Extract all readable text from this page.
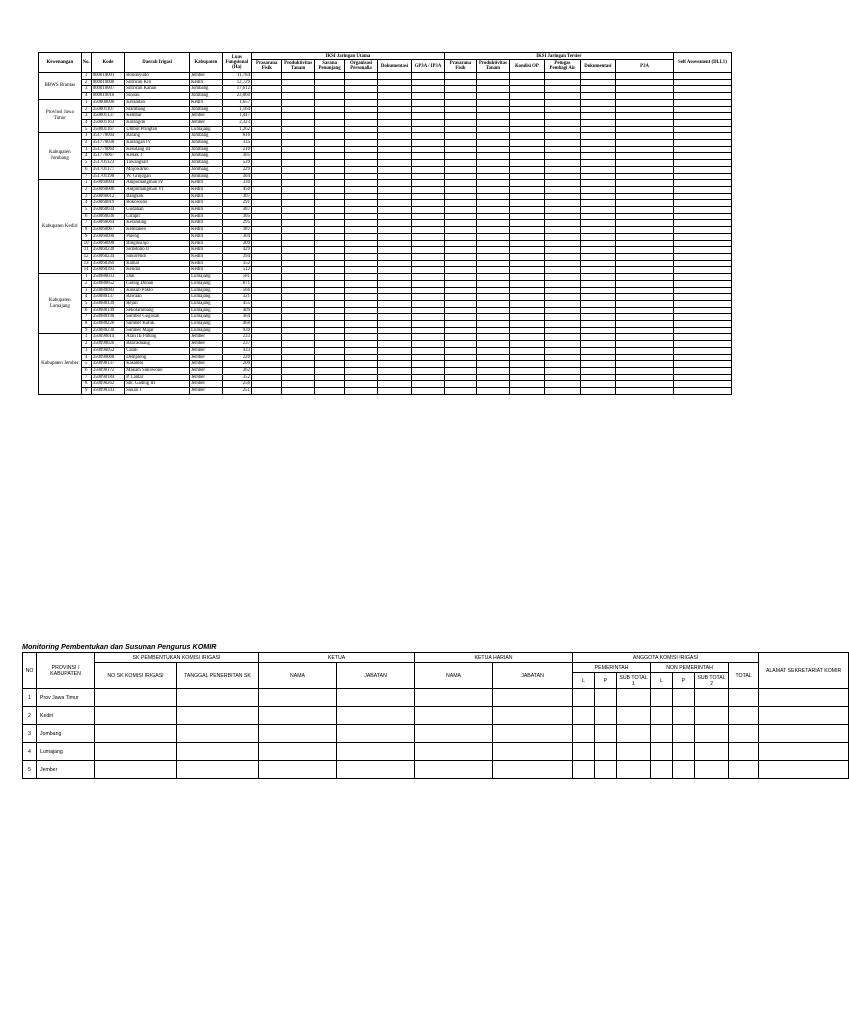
Kewenangan	No.	Kode	Daerah Irigasi	Kabupaten	Luas Fungsional (Ha)	IKSI Jaringan Utama						IKSI Jaringan Tersier						Self Assessment (DI.L1)
						Prasarana Fisik	Produktivitas Tanam	Sarana Penunjang	Organisasi Personalia	Dokumentasi	GP3A / IP3A	Prasarana Fisik	Produktivitas Tanam	Kondisi OP	Petugas Pembagi Air	Dokumentasi	P3A	
BBWS Brantas	1	000010001	Bondoyudo	Jember	11,784													
	2	000010006	Siltrican Kiri	Kediri	12,729													
	3	000010007	Siltrican Kanan	Jombang	17,612													
	4	000010010	Sinoau	Jombang	23,060													
Provinsi Jawa Timur	1	350000096	Kerandan	Kediri	1,657													
	2	350001107	Slambang	Jombang	1,164													
	3	350001137	Kembar	Jember	1,447													
	4	350001163	Karangdo	Jember	2,323													
	5	350001167	Umbul Pringtali	Lumajang	1,262													
Kabupaten Jombang	1	351770004	Barang	Jombang	816													
	2	351770038	Karangan IV	Jombang	335													
	3	351770064	Kesotang III	Jombang	210													
	4	351770067	Kedak 1	Jombang	305													
	5	351701123	Tawangsari	Jombang	520													
	6	351701177	Mojowarno	Jombang	229													
	7	351701198	W. Grojogan	Jombang	304													
Kabupaten Kediri	1	350060004	Ampomangman IV	Kediri	330													
	2	350060006	Ampomangman VI	Kediri	450													
	3	350060012	Bangkok	Kediri	307													
	4	350060019	Bokowono	Kediri	291													
	5	350060034	Gudahan	Kediri	387													
	6	350060036	Girapit	Kediri	305													
	7	350060064	Keranding	Kediri	295													
	8	350060067	Kemtanen	Kediri	387													
	9	350060090	Paleng	Kediri	304													
	10	350060098	Ringinsinjo	Kediri	309													
	11	350060230	Sidodono II	Kediri	429													
	12	350060234	Sukorendi	Kediri	394													
	13	350060369	Kamat	Kediri	352													
	14	350060393	Kendal	Kediri	512													
Kabupaten Lumajang	1	350080033	Duk	Lumajang	581													
	2	350080052	Gubug Donan	Lumajang	871													
	3	350080083	Kinkub Paklo	Lumajang	566													
	4	350080137	Rawaan	Lumajang	321													
	5	350080139	Rejali	Lumajang	455													
	6	350080149	Sekolamibang	Lumajang	409													
	7	350080198	Sumber Gogosan	Lumajang	364													
	8	350080226	Sumber Kutuk	Lumajang	468													
	9	350080230	Sumber Majar	Lumajang	930													
Kabupaten Jember	1	350090014	Arah III Patung	Jember	233													
	2	350090026	Bancaduang	Jember	237													
	3	350090052	Candi	Jember	433													
	4	350090068	Dempleng	Jember	220													
	5	350090137	Kasambi	Jember	200													
	6	350090172	Makam Sukowono	Jember	362													
	7	350090184	P. Lantar	Jember	352													
	8	350090262	Sbr. Gading III	Jember	256													
	9	350090343	Sukan I	Jember	251													
Monitoring Pembentukan dan Susunan Pengurus KOMIR
NO	PROVINSI / KABUPATEN	SK PEMBENTUKAN KOMISI IRIGASI		KETUA		KETUA HARIAN		ANGGOTA KOMISI IRIGASI							ALAMAT SEKRETARIAT KOMIR
		NO SK KOMISI IRIGASI	TANGGAL PENERBITAN SK	NAMA	JABATAN	NAMA	JABATAN	PEMERINTAH			NON PEMERINTAH			TOTAL	
								L	P	SUB TOTAL 1	L	P	SUB TOTAL 2		
1	Prov Jawa Timur														
2	Kediri														
3	Jombang														
4	Lumajang														
5	Jember														
